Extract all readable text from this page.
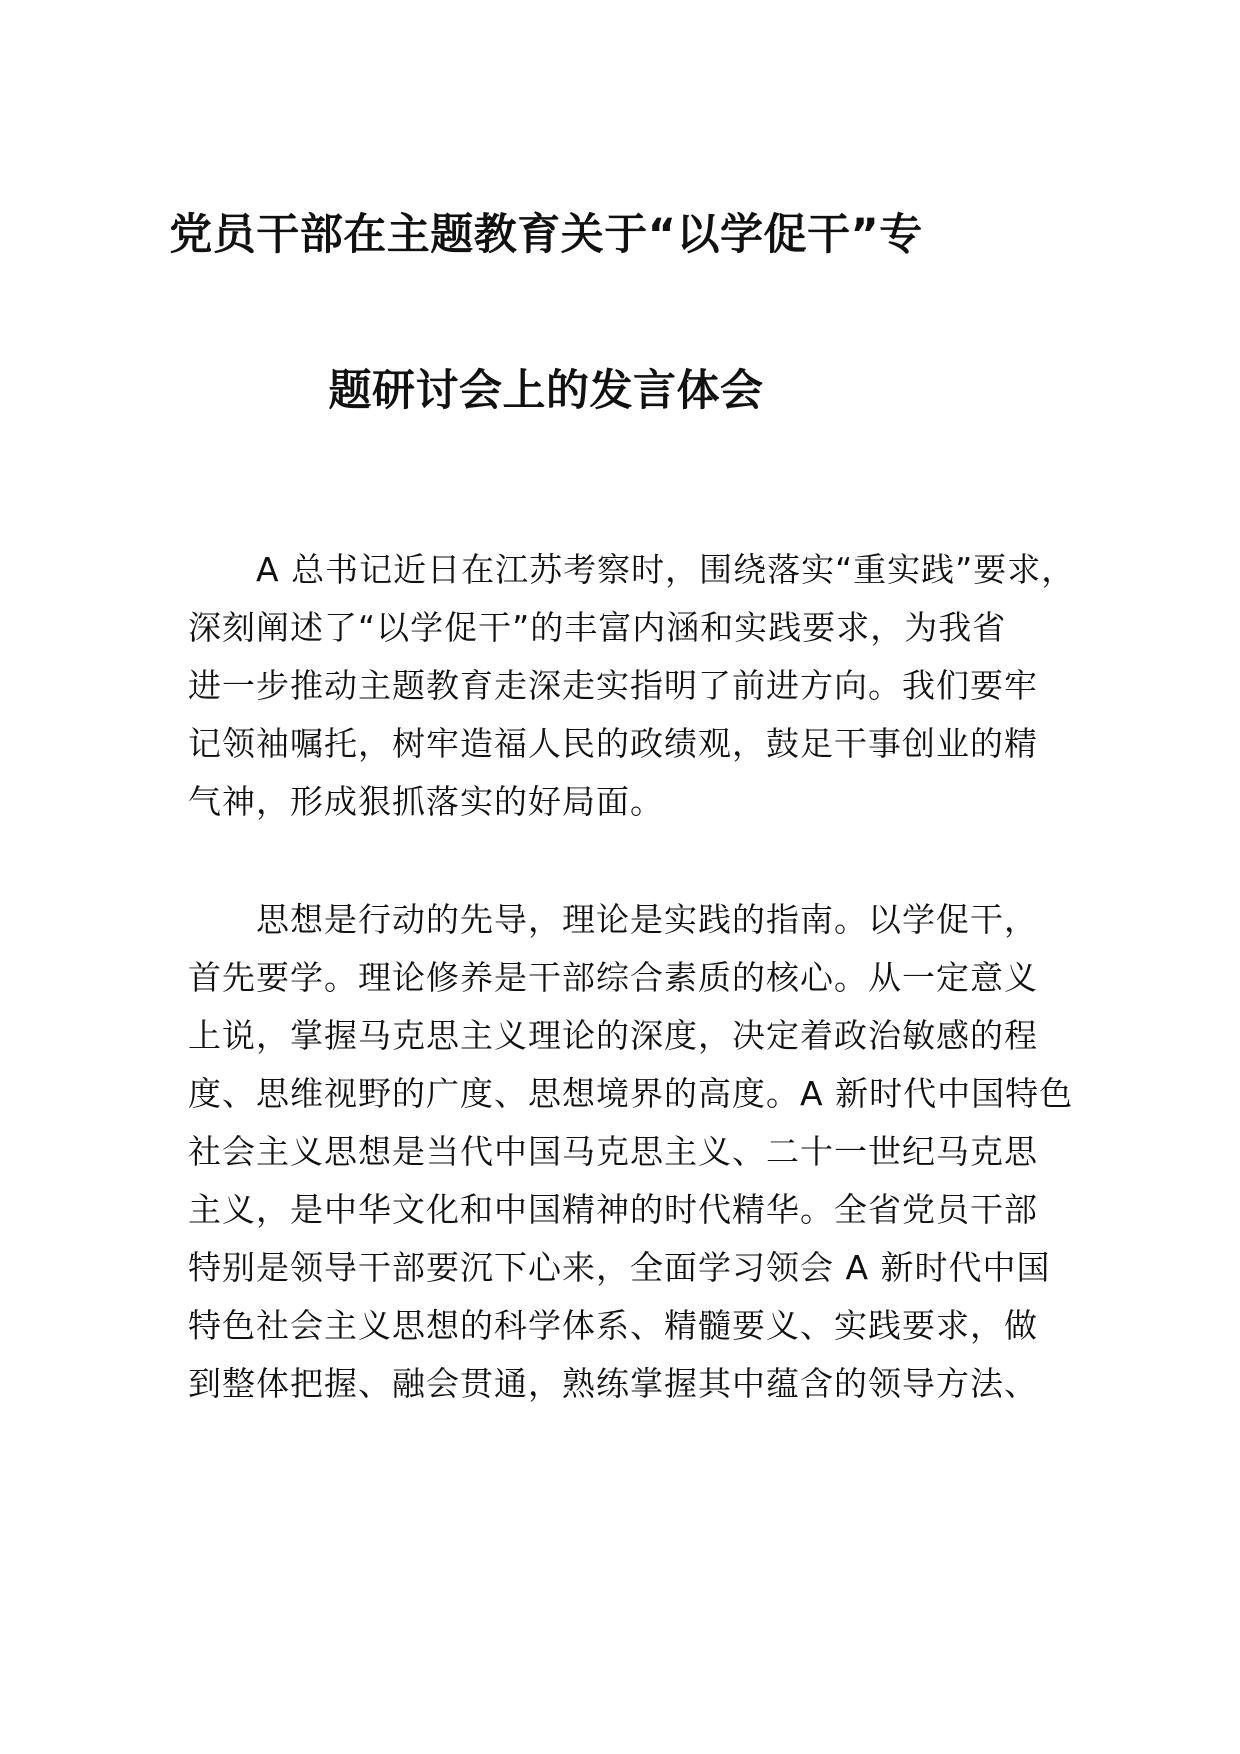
党员干部在主题教育关于“以学促干”专
题研讨会上的发言体会
A 总书记近日在江苏考察时，围绕落实“重实践”要求，
深刻阐述了“以学促干”的丰富内涵和实践要求，为我省
进一步推动主题教育走深走实指明了前进方向。我们要牢
记领袖嘱托，树牢造福人民的政绩观，鼓足干事创业的精
气神，形成狠抓落实的好局面。
思想是行动的先导，理论是实践的指南。以学促干，
首先要学。理论修养是干部综合素质的核心。从一定意义
上说，掌握马克思主义理论的深度，决定着政治敏感的程
度、思维视野的广度、思想境界的高度。A 新时代中国特色
社会主义思想是当代中国马克思主义、二十一世纪马克思
主义，是中华文化和中国精神的时代精华。全省党员干部
特别是领导干部要沉下心来，全面学习领会 A 新时代中国
特色社会主义思想的科学体系、精髓要义、实践要求，做
到整体把握、融会贯通，熟练掌握其中蕴含的领导方法、
